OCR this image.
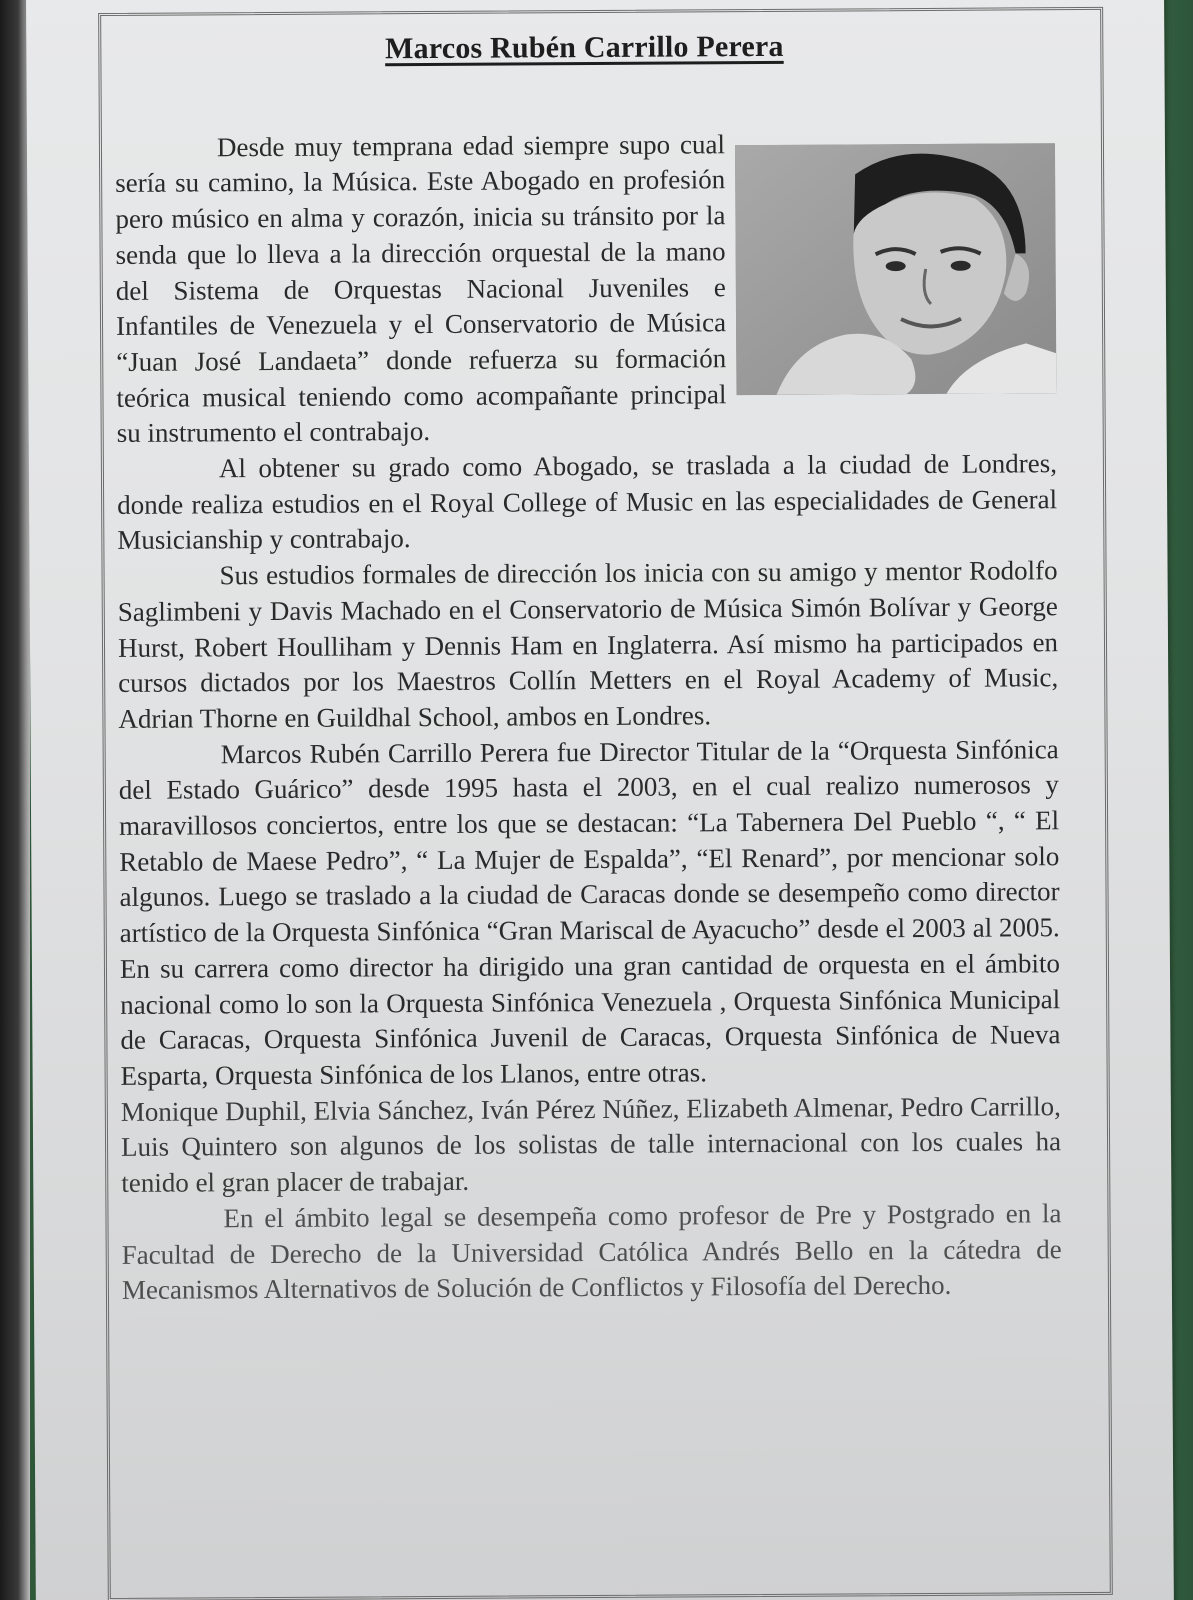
Marcos Rubén Carrillo Perera

Desde muy temprana edad siempre supo cual sería su camino, la Música. Este Abogado en profesión pero músico en alma y corazón, inicia su tránsito por la senda que lo lleva a la dirección orquestal de la mano del Sistema de Orquestas Nacional Juveniles e Infantiles de Venezuela y el Conservatorio de Música “Juan José Landaeta” donde refuerza su formación teórica musical teniendo como acompañante principal su instrumento el contrabajo.

Al obtener su grado como Abogado, se traslada a la ciudad de Londres, donde realiza estudios en el Royal College of Music en las especialidades de General Musicianship y contrabajo.

Sus estudios formales de dirección los inicia con su amigo y mentor Rodolfo Saglimbeni y Davis Machado en el Conservatorio de Música Simón Bolívar y George Hurst, Robert Houlliham y Dennis Ham en Inglaterra. Así mismo ha participados en cursos dictados por los Maestros Collín Metters en el Royal Academy of Music, Adrian Thorne en Guildhal School, ambos en Londres.

Marcos Rubén Carrillo Perera fue Director Titular de la “Orquesta Sinfónica del Estado Guárico” desde 1995 hasta el 2003, en el cual realizo numerosos y maravillosos conciertos, entre los que se destacan: “La Tabernera Del Pueblo “, “ El Retablo de Maese Pedro”, “ La Mujer de Espalda”, “El Renard”, por mencionar solo algunos. Luego se traslado a la ciudad de Caracas donde se desempeño como director artístico de la Orquesta Sinfónica “Gran Mariscal de Ayacucho” desde el 2003 al 2005. En su carrera como director ha dirigido una gran cantidad de orquesta en el ámbito nacional como lo son la Orquesta Sinfónica Venezuela , Orquesta Sinfónica Municipal de Caracas, Orquesta Sinfónica Juvenil de Caracas, Orquesta Sinfónica de Nueva Esparta, Orquesta Sinfónica de los Llanos, entre otras.

Monique Duphil, Elvia Sánchez, Iván Pérez Núñez, Elizabeth Almenar, Pedro Carrillo, Luis Quintero son algunos de los solistas de talle internacional con los cuales ha tenido el gran placer de trabajar.

En el ámbito legal se desempeña como profesor de Pre y Postgrado en la Facultad de Derecho de la Universidad Católica Andrés Bello en la cátedra de Mecanismos Alternativos de Solución de Conflictos y Filosofía del Derecho.
